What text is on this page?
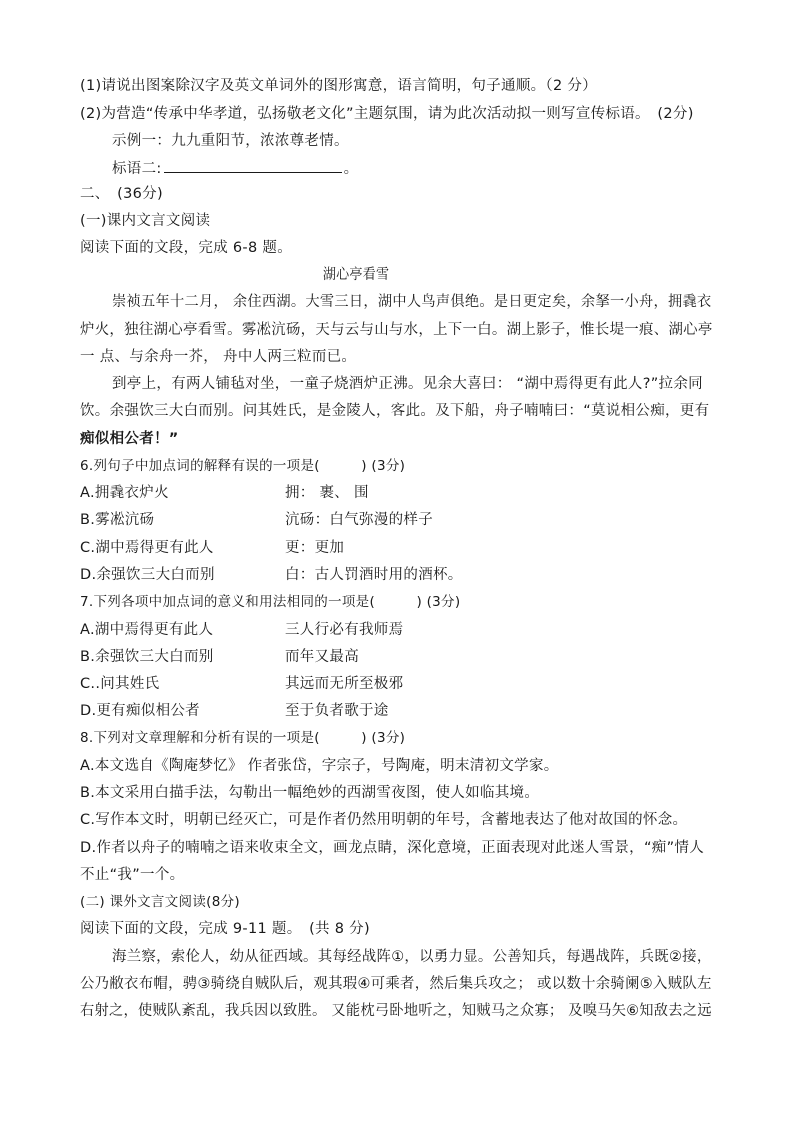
(1)请说出图案除汉字及英文单词外的图形寓意，语言简明，句子通顺。（2 分）
(2)为营造“传承中华孝道，弘扬敬老文化”主题氛围，请为此次活动拟一则写宣传标语。　(2分)
示例一：九九重阳节，浓浓尊老情。
标语二:	。
二、　(36分)
(一)课内文言文阅读
阅读下面的文段，完成 6-8 题。
湖心亭看雪
崇祯五年十二月， 余住西湖。大雪三日，湖中人鸟声俱绝。是日更定矣，余拏一小舟，拥毳衣
炉火，独往湖心亭看雪。雾凇沆砀，天与云与山与水，上下一白。湖上影子，惟长堤一痕、湖心亭
一 点、与余舟一芥， 舟中人两三粒而已。
到亭上，有两人铺毡对坐，一童子烧酒炉正沸。见余大喜曰： “湖中焉得更有此人?”拉余同
饮。余强饮三大白而别。问其姓氏，是金陵人，客此。及下船，舟子喃喃曰：“莫说相公痴，更有
痴似相公者！”
6.列句子中加点词的解释有误的一项是(　　　) (3分)
A.拥毳衣炉火	拥： 裹、 围
B.雾凇沆砀	沆砀：白气弥漫的样子
C.湖中焉得更有此人	更：更加
D.余强饮三大白而别	白：古人罚酒时用的酒杯。
7.下列各项中加点词的意义和用法相同的一项是(　　　) (3分)
A.湖中焉得更有此人	三人行必有我师焉
B.余强饮三大白而别	而年又最高
C..问其姓氏	其远而无所至极邪
D.更有痴似相公者	至于负者歌于途
8.下列对文章理解和分析有误的一项是(　　　) (3分)
A.本文选自《陶庵梦忆》 作者张岱，字宗子，号陶庵，明末清初文学家。
B.本文采用白描手法，勾勒出一幅绝妙的西湖雪夜图，使人如临其境。
C.写作本文时，明朝已经灭亡，可是作者仍然用明朝的年号，含蓄地表达了他对故国的怀念。
D.作者以舟子的喃喃之语来收束全文，画龙点睛，深化意境，正面表现对此迷人雪景，“痴”情人
不止“我”一个。
(二) 课外文言文阅读(8分)
阅读下面的文段，完成 9-11 题。　(共 8 分)
海兰察，索伦人，幼从征西域。其每经战阵①，以勇力显。公善知兵，每遇战阵，兵既②接，
公乃敝衣布帽，骋③骑绕自贼队后，观其瑕④可乘者，然后集兵攻之； 或以数十余骑阑⑤入贼队左
右射之，使贼队紊乱，我兵因以致胜。 又能枕弓卧地听之，知贼马之众寡； 及嗅马矢⑥知敌去之远
